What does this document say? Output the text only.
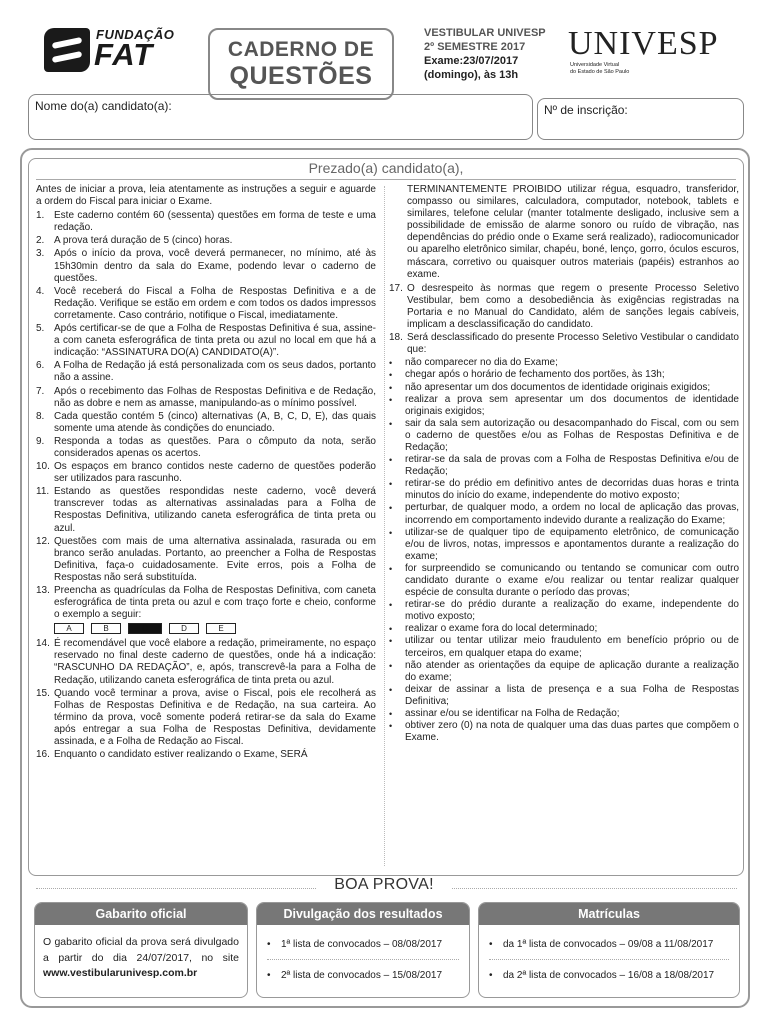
FUNDAÇÃO
FAT	CADERNO DE
QUESTÕES
VESTIBULAR UNIVESP
2º SEMESTRE 2017
Exame:23/07/2017
(domingo), às 13h
UNIVESP
Universidade Virtual
do Estado de São Paulo
Nome do(a) candidato(a):	Nº de inscrição:
Prezado(a) candidato(a),

Antes de iniciar a prova, leia atentamente as instruções a seguir e aguarde a ordem do Fiscal para iniciar o Exame.

1. Este caderno contém 60 (sessenta) questões em forma de teste e uma redação.
2. A prova terá duração de 5 (cinco) horas.
3. Após o início da prova, você deverá permanecer, no mínimo, até às 15h30min dentro da sala do Exame, podendo levar o caderno de questões.
4. Você receberá do Fiscal a Folha de Respostas Definitiva e a de Redação. Verifique se estão em ordem e com todos os dados impressos corretamente. Caso contrário, notifique o Fiscal, imediatamente.
5. Após certificar-se de que a Folha de Respostas Definitiva é sua, assine-a com caneta esferográfica de tinta preta ou azul no local em que há a indicação: “ASSINATURA DO(A) CANDIDATO(A)”.
6. A Folha de Redação já está personalizada com os seus dados, portanto não a assine.
7. Após o recebimento das Folhas de Respostas Definitiva e de Redação, não as dobre e nem as amasse, manipulando-as o mínimo possível.
8. Cada questão contém 5 (cinco) alternativas (A, B, C, D, E), das quais somente uma atende às condições do enunciado.
9. Responda a todas as questões. Para o cômputo da nota, serão considerados apenas os acertos.
10. Os espaços em branco contidos neste caderno de questões poderão ser utilizados para rascunho.
11. Estando as questões respondidas neste caderno, você deverá transcrever todas as alternativas assinaladas para a Folha de Respostas Definitiva, utilizando caneta esferográfica de tinta preta ou azul.
12. Questões com mais de uma alternativa assinalada, rasurada ou em branco serão anuladas. Portanto, ao preencher a Folha de Respostas Definitiva, faça-o cuidadosamente. Evite erros, pois a Folha de Respostas não será substituída.
13. Preencha as quadrículas da Folha de Respostas Definitiva, com caneta esferográfica de tinta preta ou azul e com traço forte e cheio, conforme o exemplo a seguir:
A	B	C	D	E
14. É recomendável que você elabore a redação, primeiramente, no espaço reservado no final deste caderno de questões, onde há a indicação: “RASCUNHO DA REDAÇÃO”, e, após, transcrevê-la para a Folha de Redação, utilizando caneta esferográfica de tinta preta ou azul.
15. Quando você terminar a prova, avise o Fiscal, pois ele recolherá as Folhas de Respostas Definitiva e de Redação, na sua carteira. Ao término da prova, você somente poderá retirar-se da sala do Exame após entregar a sua Folha de Respostas Definitiva, devidamente assinada, e a Folha de Redação ao Fiscal.
16. Enquanto o candidato estiver realizando o Exame, SERÁ

TERMINANTEMENTE PROIBIDO utilizar régua, esquadro, transferidor, compasso ou similares, calculadora, computador, notebook, tablets e similares, telefone celular (manter totalmente desligado, inclusive sem a possibilidade de emissão de alarme sonoro ou ruído de vibração, nas dependências do prédio onde o Exame será realizado), radiocomunicador ou aparelho eletrônico similar, chapéu, boné, lenço, gorro, óculos escuros, máscara, corretivo ou quaisquer outros materiais (papéis) estranhos ao exame.

17. O desrespeito às normas que regem o presente Processo Seletivo Vestibular, bem como a desobediência às exigências registradas na Portaria e no Manual do Candidato, além de sanções legais cabíveis, implicam a desclassificação do candidato.
18. Será desclassificado do presente Processo Seletivo Vestibular o candidato que:
•	não comparecer no dia do Exame;
•	chegar após o horário de fechamento dos portões, às 13h;
•	não apresentar um dos documentos de identidade originais exigidos;
•	realizar a prova sem apresentar um dos documentos de identidade originais exigidos;
•	sair da sala sem autorização ou desacompanhado do Fiscal, com ou sem o caderno de questões e/ou as Folhas de Respostas Definitiva e de Redação;
•	retirar-se da sala de provas com a Folha de Respostas Definitiva e/ou de Redação;
•	retirar-se do prédio em definitivo antes de decorridas duas horas e trinta minutos do início do exame, independente do motivo exposto;
•	perturbar, de qualquer modo, a ordem no local de aplicação das provas, incorrendo em comportamento indevido durante a realização do Exame;
•	utilizar-se de qualquer tipo de equipamento eletrônico, de comunicação e/ou de livros, notas, impressos e apontamentos durante a realização do exame;
•	for surpreendido se comunicando ou tentando se comunicar com outro candidato durante o exame e/ou realizar ou tentar realizar qualquer espécie de consulta durante o período das provas;
•	retirar-se do prédio durante a realização do exame, independente do motivo exposto;
•	realizar o exame fora do local determinado;
•	utilizar ou tentar utilizar meio fraudulento em benefício próprio ou de terceiros, em qualquer etapa do exame;
•	não atender as orientações da equipe de aplicação durante a realização do exame;
•	deixar de assinar a lista de presença e a sua Folha de Respostas Definitiva;
•	assinar e/ou se identificar na Folha de Redação;
•	obtiver zero (0) na nota de qualquer uma das duas partes que compõem o Exame.
BOA PROVA!
Gabarito oficial
O gabarito oficial da prova será divulgado a partir do dia 24/07/2017, no site www.vestibularunivesp.com.br
Divulgação dos resultados
•	1ª lista de convocados – 08/08/2017
•	2ª lista de convocados – 15/08/2017
Matrículas
•	da 1ª lista de convocados – 09/08 a 11/08/2017
•	da 2ª lista de convocados – 16/08 a 18/08/2017
